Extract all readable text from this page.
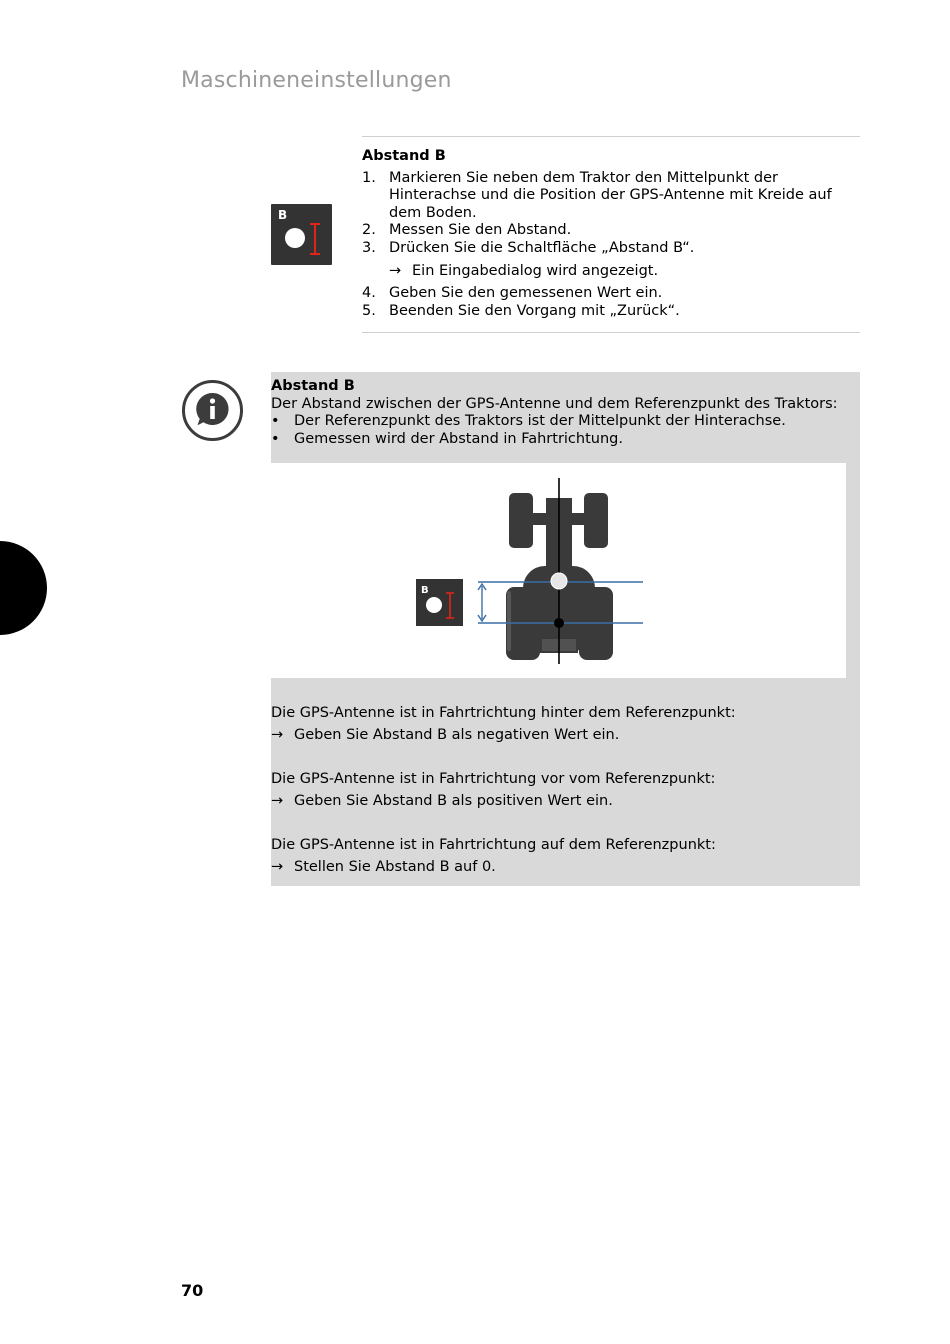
Maschineneinstellungen
B
Abstand B
1. Markieren Sie neben dem Traktor den Mittelpunkt der Hinterachse und die Position der GPS-Antenne mit Kreide auf dem Boden.
2. Messen Sie den Abstand.
3. Drücken Sie die Schaltfläche „Abstand B“.
→ Ein Eingabedialog wird angezeigt.
4. Geben Sie den gemessenen Wert ein.
5. Beenden Sie den Vorgang mit „Zurück“.
Abstand B
Der Abstand zwischen der GPS-Antenne und dem Referenzpunkt des Traktors:
• Der Referenzpunkt des Traktors ist der Mittelpunkt der Hinterachse.
• Gemessen wird der Abstand in Fahrtrichtung.
B

Die GPS-Antenne ist in Fahrtrichtung hinter dem Referenzpunkt:

→ Geben Sie Abstand B als negativen Wert ein.

Die GPS-Antenne ist in Fahrtrichtung vor vom Referenzpunkt:

→ Geben Sie Abstand B als positiven Wert ein.

Die GPS-Antenne ist in Fahrtrichtung auf dem Referenzpunkt:

→ Stellen Sie Abstand B auf 0.
70
